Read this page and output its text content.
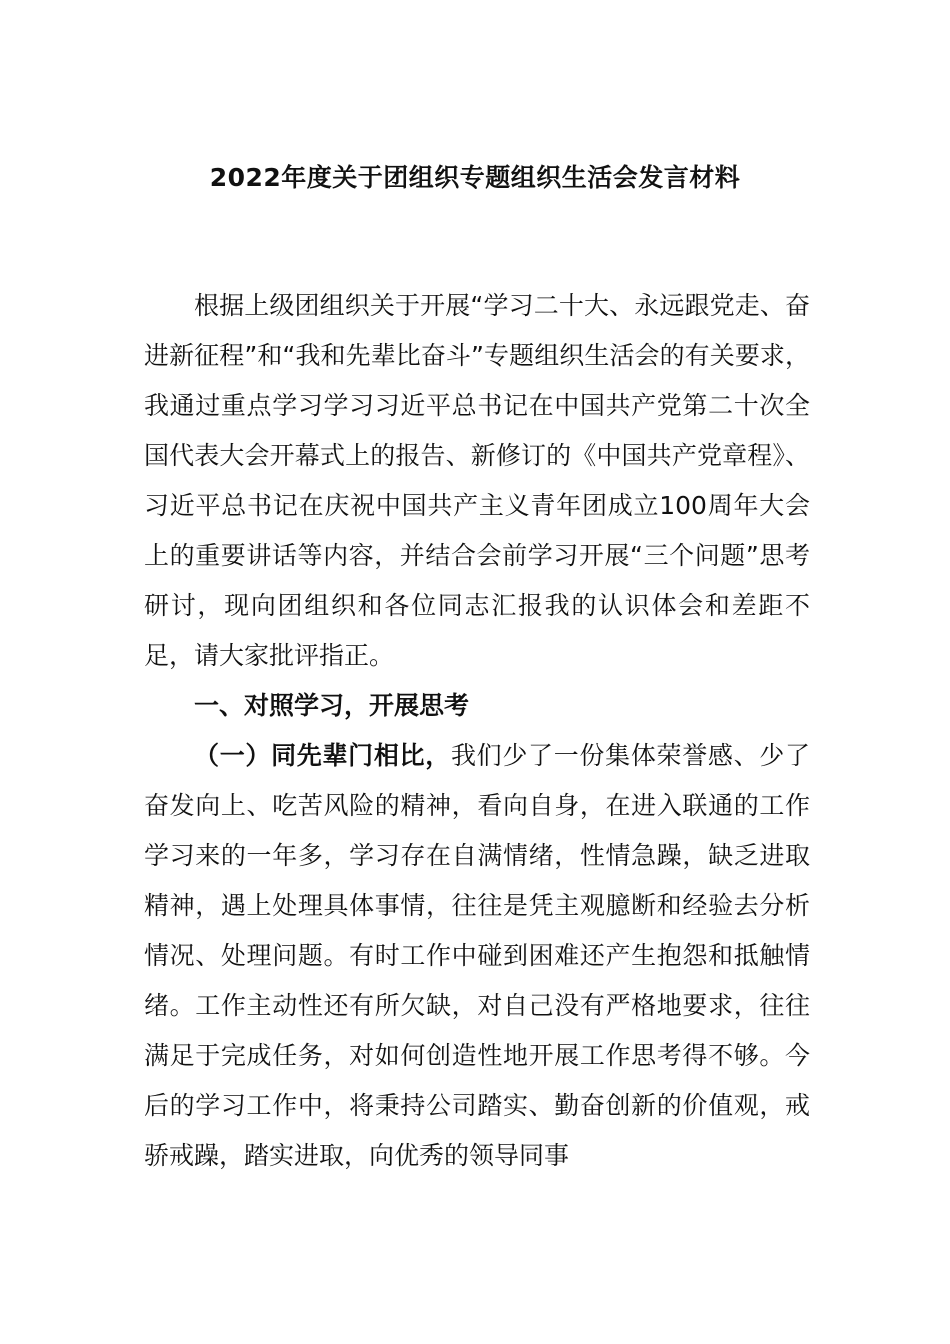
2022年度关于团组织专题组织生活会发言材料

根据上级团组织关于开展“学习二十大、永远跟党走、奋进新征程”和“我和先辈比奋斗”专题组织生活会的有关要求，我通过重点学习学习习近平总书记在中国共产党第二十次全国代表大会开幕式上的报告、新修订的《中国共产党章程》、习近平总书记在庆祝中国共产主义青年团成立100周年大会上的重要讲话等内容，并结合会前学习开展“三个问题”思考研讨，现向团组织和各位同志汇报我的认识体会和差距不足，请大家批评指正。

一、对照学习，开展思考

（一）同先辈门相比，我们少了一份集体荣誉感、少了奋发向上、吃苦风险的精神，看向自身，在进入联通的工作学习来的一年多，学习存在自满情绪，性情急躁，缺乏进取精神，遇上处理具体事情，往往是凭主观臆断和经验去分析情况、处理问题。有时工作中碰到困难还产生抱怨和抵触情绪。工作主动性还有所欠缺，对自己没有严格地要求，往往满足于完成任务，对如何创造性地开展工作思考得不够。今后的学习工作中，将秉持公司踏实、勤奋创新的价值观，戒骄戒躁，踏实进取，向优秀的领导同事
